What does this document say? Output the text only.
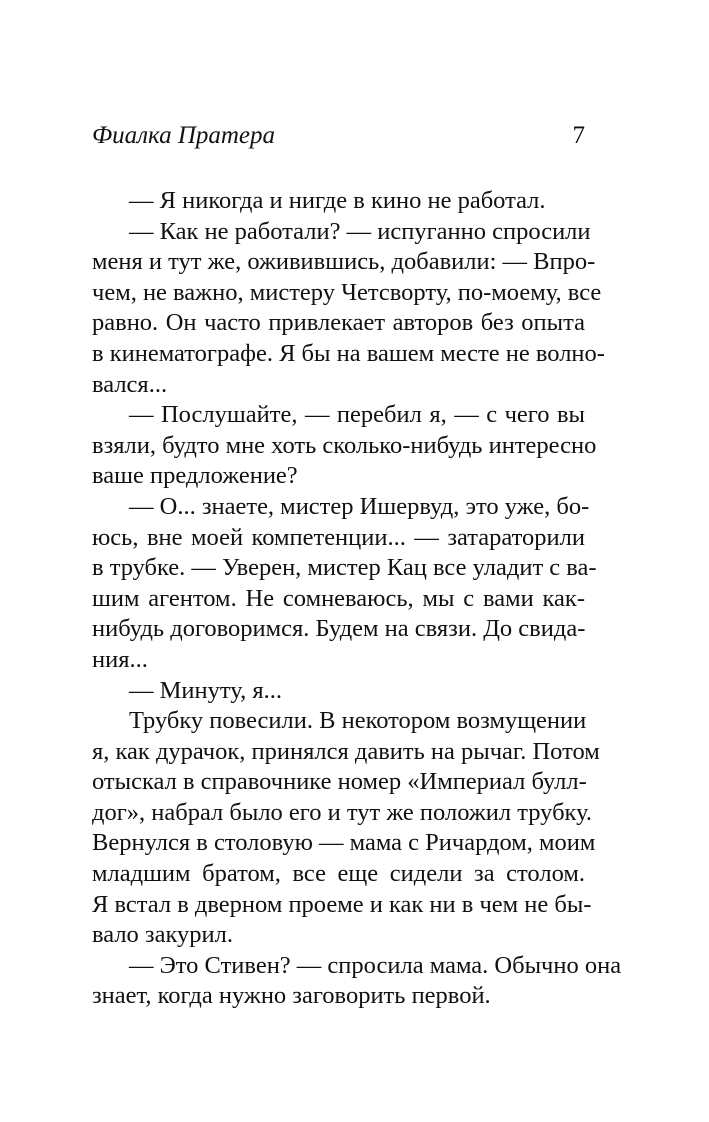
Фиалка Пратера	7
— Я никогда и нигде в кино не работал.
— Как не работали? — испуганно спросили
меня и тут же, оживившись, добавили: — Впро-
чем, не важно, мистеру Четсворту, по-моему, все
равно. Он часто привлекает авторов без опыта
в кинематографе. Я бы на вашем месте не волно-
вался...
— Послушайте, — перебил я, — с чего вы
взяли, будто мне хоть сколько-нибудь интересно
ваше предложение?
— О... знаете, мистер Ишервуд, это уже, бо-
юсь, вне моей компетенции... — затараторили
в трубке. — Уверен, мистер Кац все уладит с ва-
шим агентом. Не сомневаюсь, мы с вами как-
нибудь договоримся. Будем на связи. До свида-
ния...
— Минуту, я...
Трубку повесили. В некотором возмущении
я, как дурачок, принялся давить на рычаг. Потом
отыскал в справочнике номер «Империал булл-
дог», набрал было его и тут же положил трубку.
Вернулся в столовую — мама с Ричардом, моим
младшим братом, все еще сидели за столом.
Я встал в дверном проеме и как ни в чем не бы-
вало закурил.
— Это Стивен? — спросила мама. Обычно она
знает, когда нужно заговорить первой.
